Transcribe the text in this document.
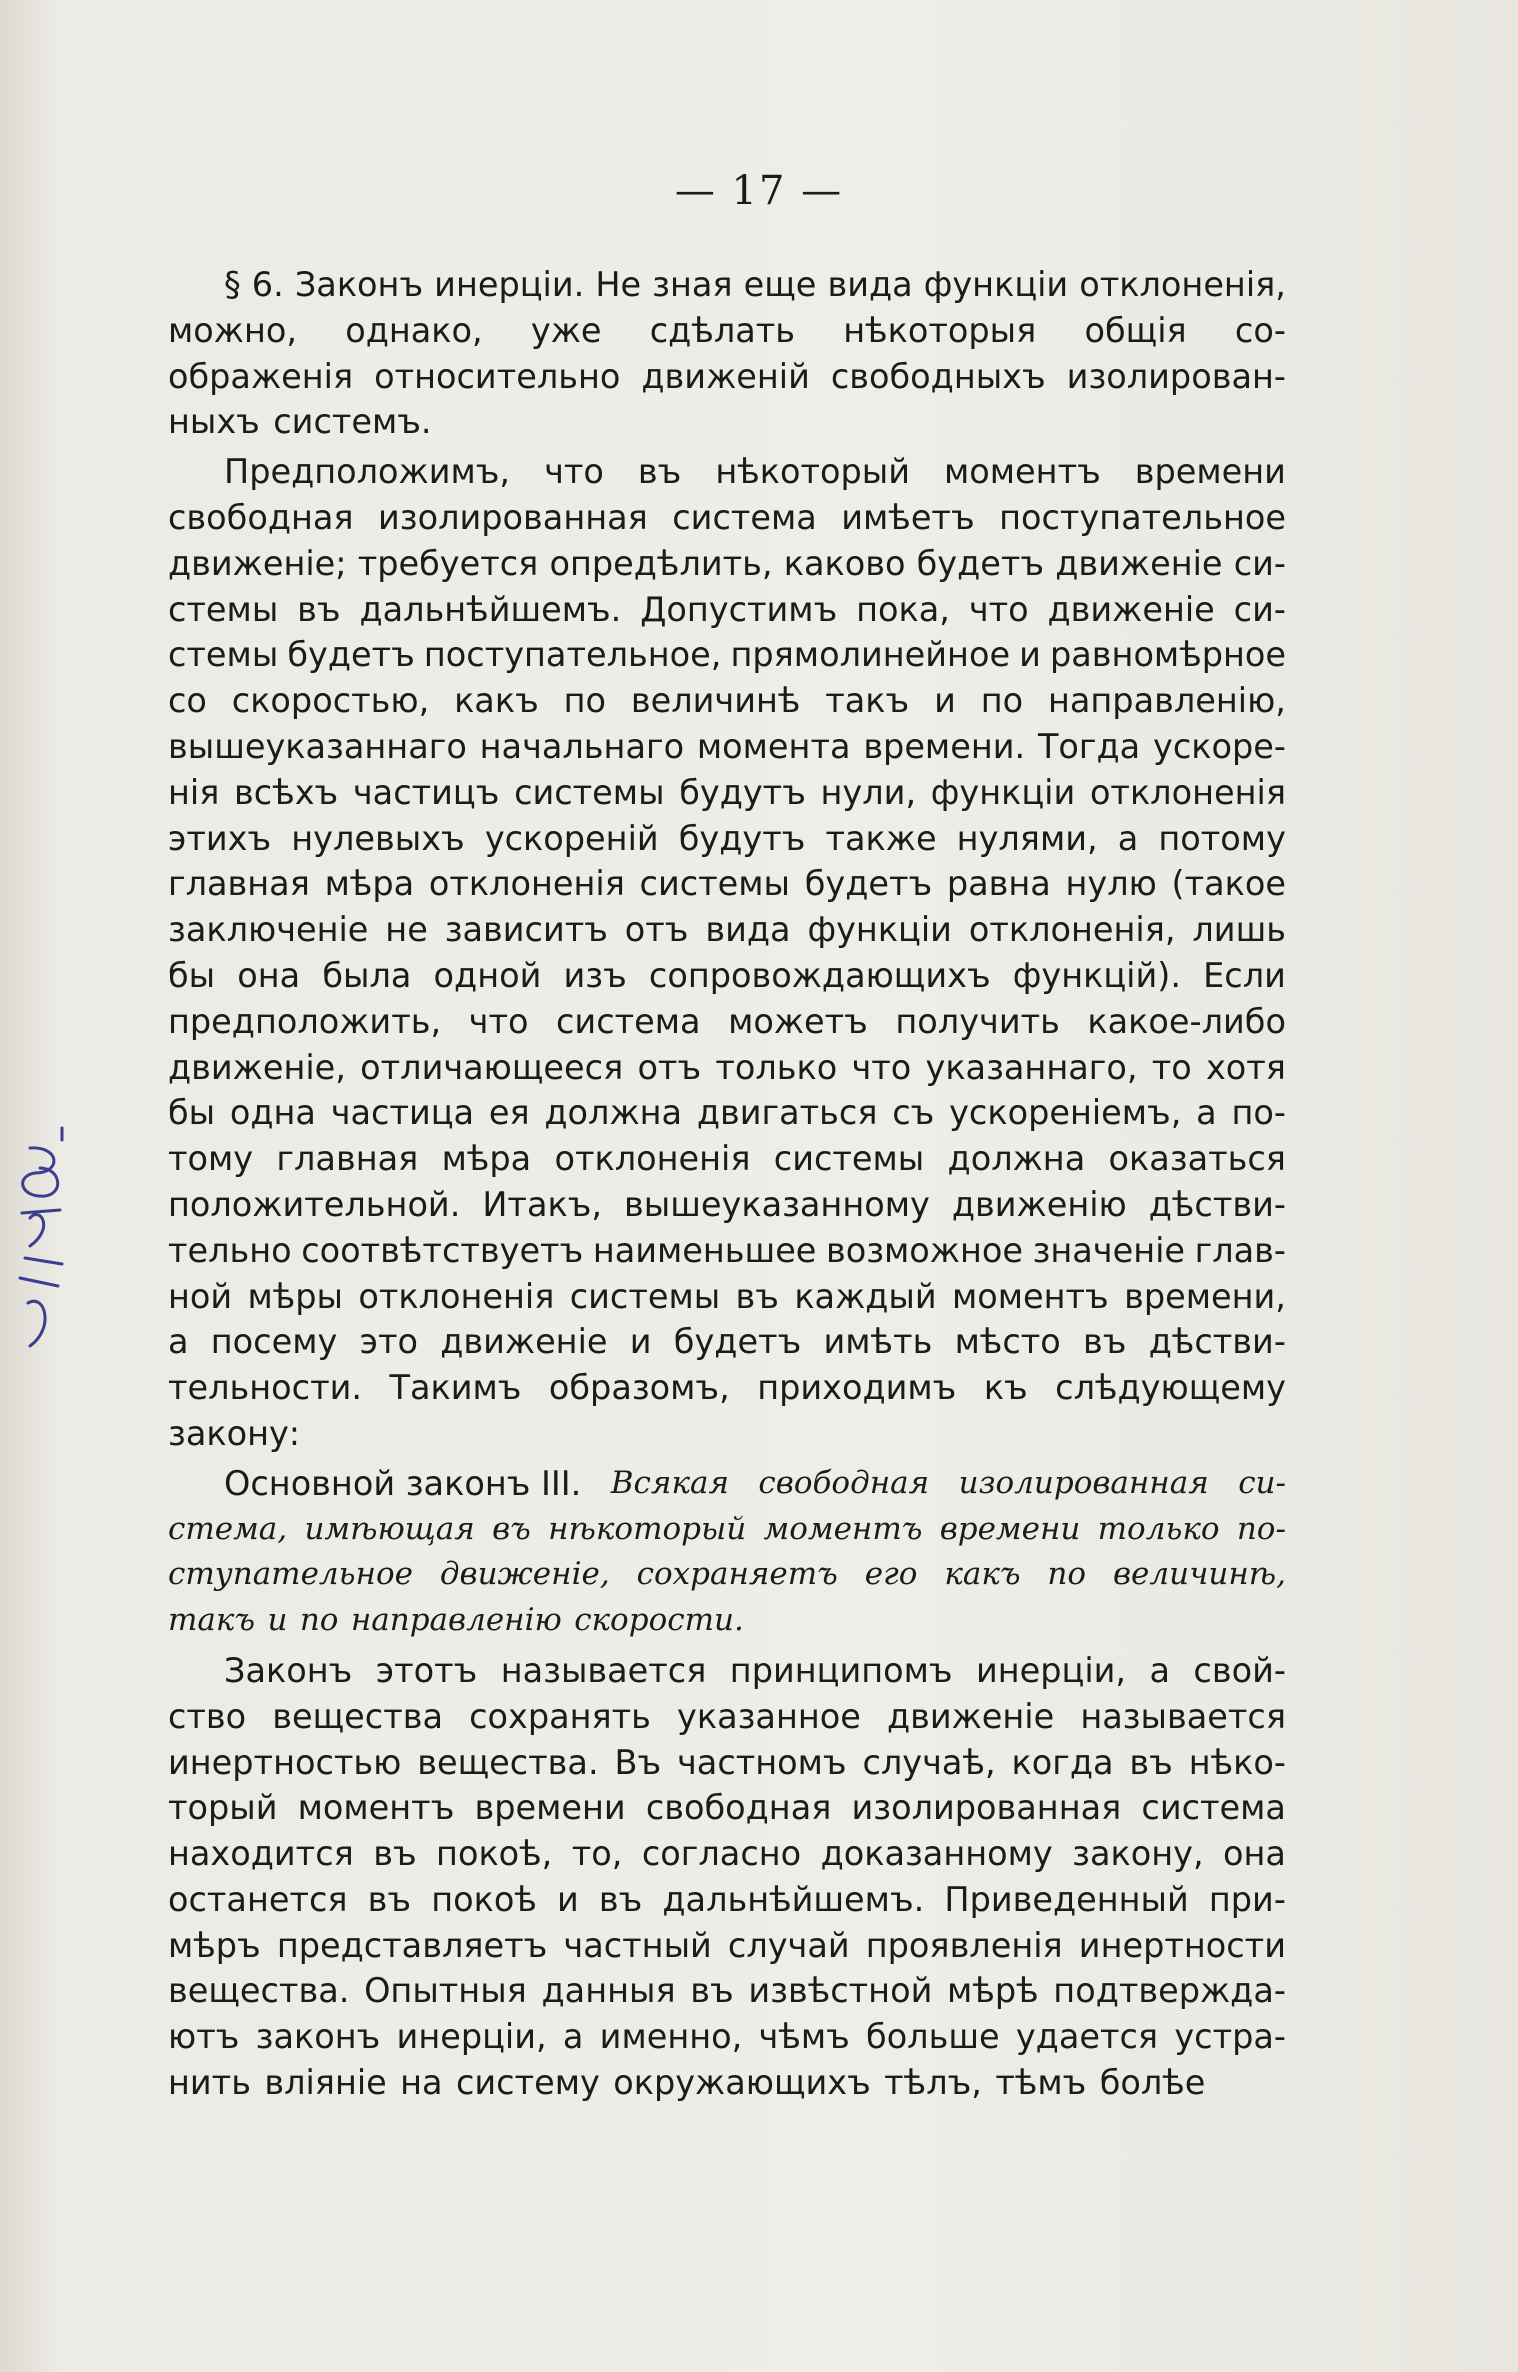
— 17 —
§ 6. Законъ инерціи. Не зная еще вида функціи отклоненія,
можно, однако, уже сдѣлать нѣкоторыя общія со-
ображенія относительно движеній свободныхъ изолирован-
ныхъ системъ.
Предположимъ, что въ нѣкоторый моментъ времени
свободная изолированная система имѣетъ поступательное
движеніе; требуется опредѣлить, каково будетъ движеніе си-
стемы въ дальнѣйшемъ. Допустимъ пока, что движеніе си-
стемы будетъ поступательное, прямолинейное и равномѣрное
со скоростью, какъ по величинѣ такъ и по направленію,
вышеуказаннаго начальнаго момента времени. Тогда ускоре-
нія всѣхъ частицъ системы будутъ нули, функціи отклоненія
этихъ нулевыхъ ускореній будутъ также нулями, а потому
главная мѣра отклоненія системы будетъ равна нулю (такое
заключеніе не зависитъ отъ вида функціи отклоненія, лишь
бы она была одной изъ сопровождающихъ функцій). Если
предположить, что система можетъ получить какое-либо
движеніе, отличающееся отъ только что указаннаго, то хотя
бы одна частица ея должна двигаться съ ускореніемъ, а по-
тому главная мѣра отклоненія системы должна оказаться
положительной. Итакъ, вышеуказанному движенію дѣстви-
тельно соотвѣтствуетъ наименьшее возможное значеніе глав-
ной мѣры отклоненія системы въ каждый моментъ времени,
а посему это движеніе и будетъ имѣть мѣсто въ дѣстви-
тельности. Такимъ образомъ, приходимъ къ слѣдующему
закону:
Основной законъ III. Всякая свободная изолированная си-
стема, имѣющая въ нѣкоторый моментъ времени только по-
ступательное движеніе, сохраняетъ его какъ по величинѣ,
такъ и по направленію скорости.
Законъ этотъ называется принципомъ инерціи, а свой-
ство вещества сохранять указанное движеніе называется
инертностью вещества. Въ частномъ случаѣ, когда въ нѣко-
торый моментъ времени свободная изолированная система
находится въ покоѣ, то, согласно доказанному закону, она
останется въ покоѣ и въ дальнѣйшемъ. Приведенный при-
мѣръ представляетъ частный случай проявленія инертности
вещества. Опытныя данныя въ извѣстной мѣрѣ подтвержда-
ютъ законъ инерціи, а именно, чѣмъ больше удается устра-
нить вліяніе на систему окружающихъ тѣлъ, тѣмъ болѣе
